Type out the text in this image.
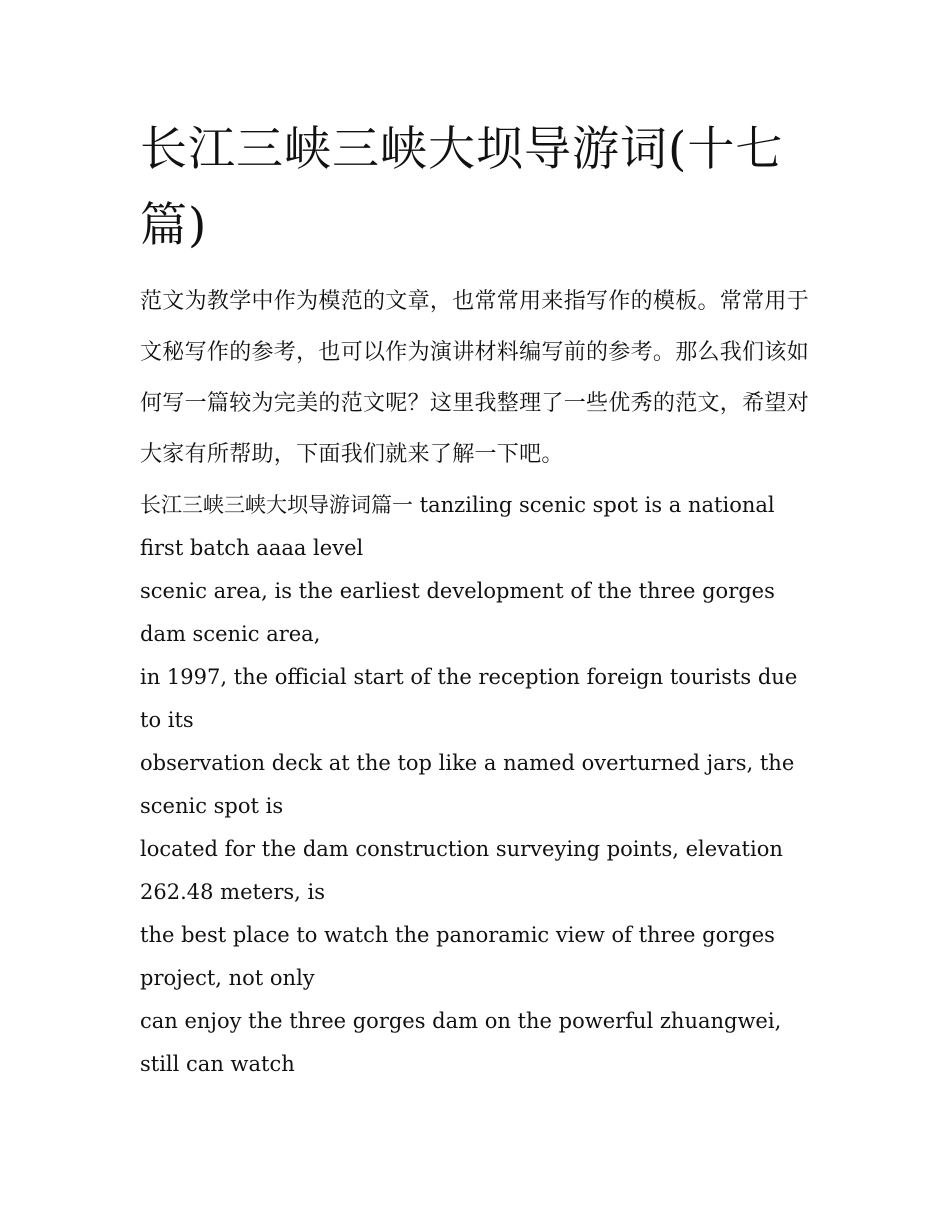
长江三峡三峡大坝导游词(十七篇)

范文为教学中作为模范的文章，也常常用来指写作的模板。常常用于文秘写作的参考，也可以作为演讲材料编写前的参考。那么我们该如何写一篇较为完美的范文呢？这里我整理了一些优秀的范文，希望对大家有所帮助，下面我们就来了解一下吧。

长江三峡三峡大坝导游词篇一 tanziling scenic spot is a national first batch aaaa level
scenic area, is the earliest development of the three gorges dam scenic area,
in 1997, the official start of the reception foreign tourists due to its
observation deck at the top like a named overturned jars, the scenic spot is
located for the dam construction surveying points, elevation 262.48 meters, is
the best place to watch the panoramic view of three gorges project, not only
can enjoy the three gorges dam on the powerful zhuangwei, still can watch
